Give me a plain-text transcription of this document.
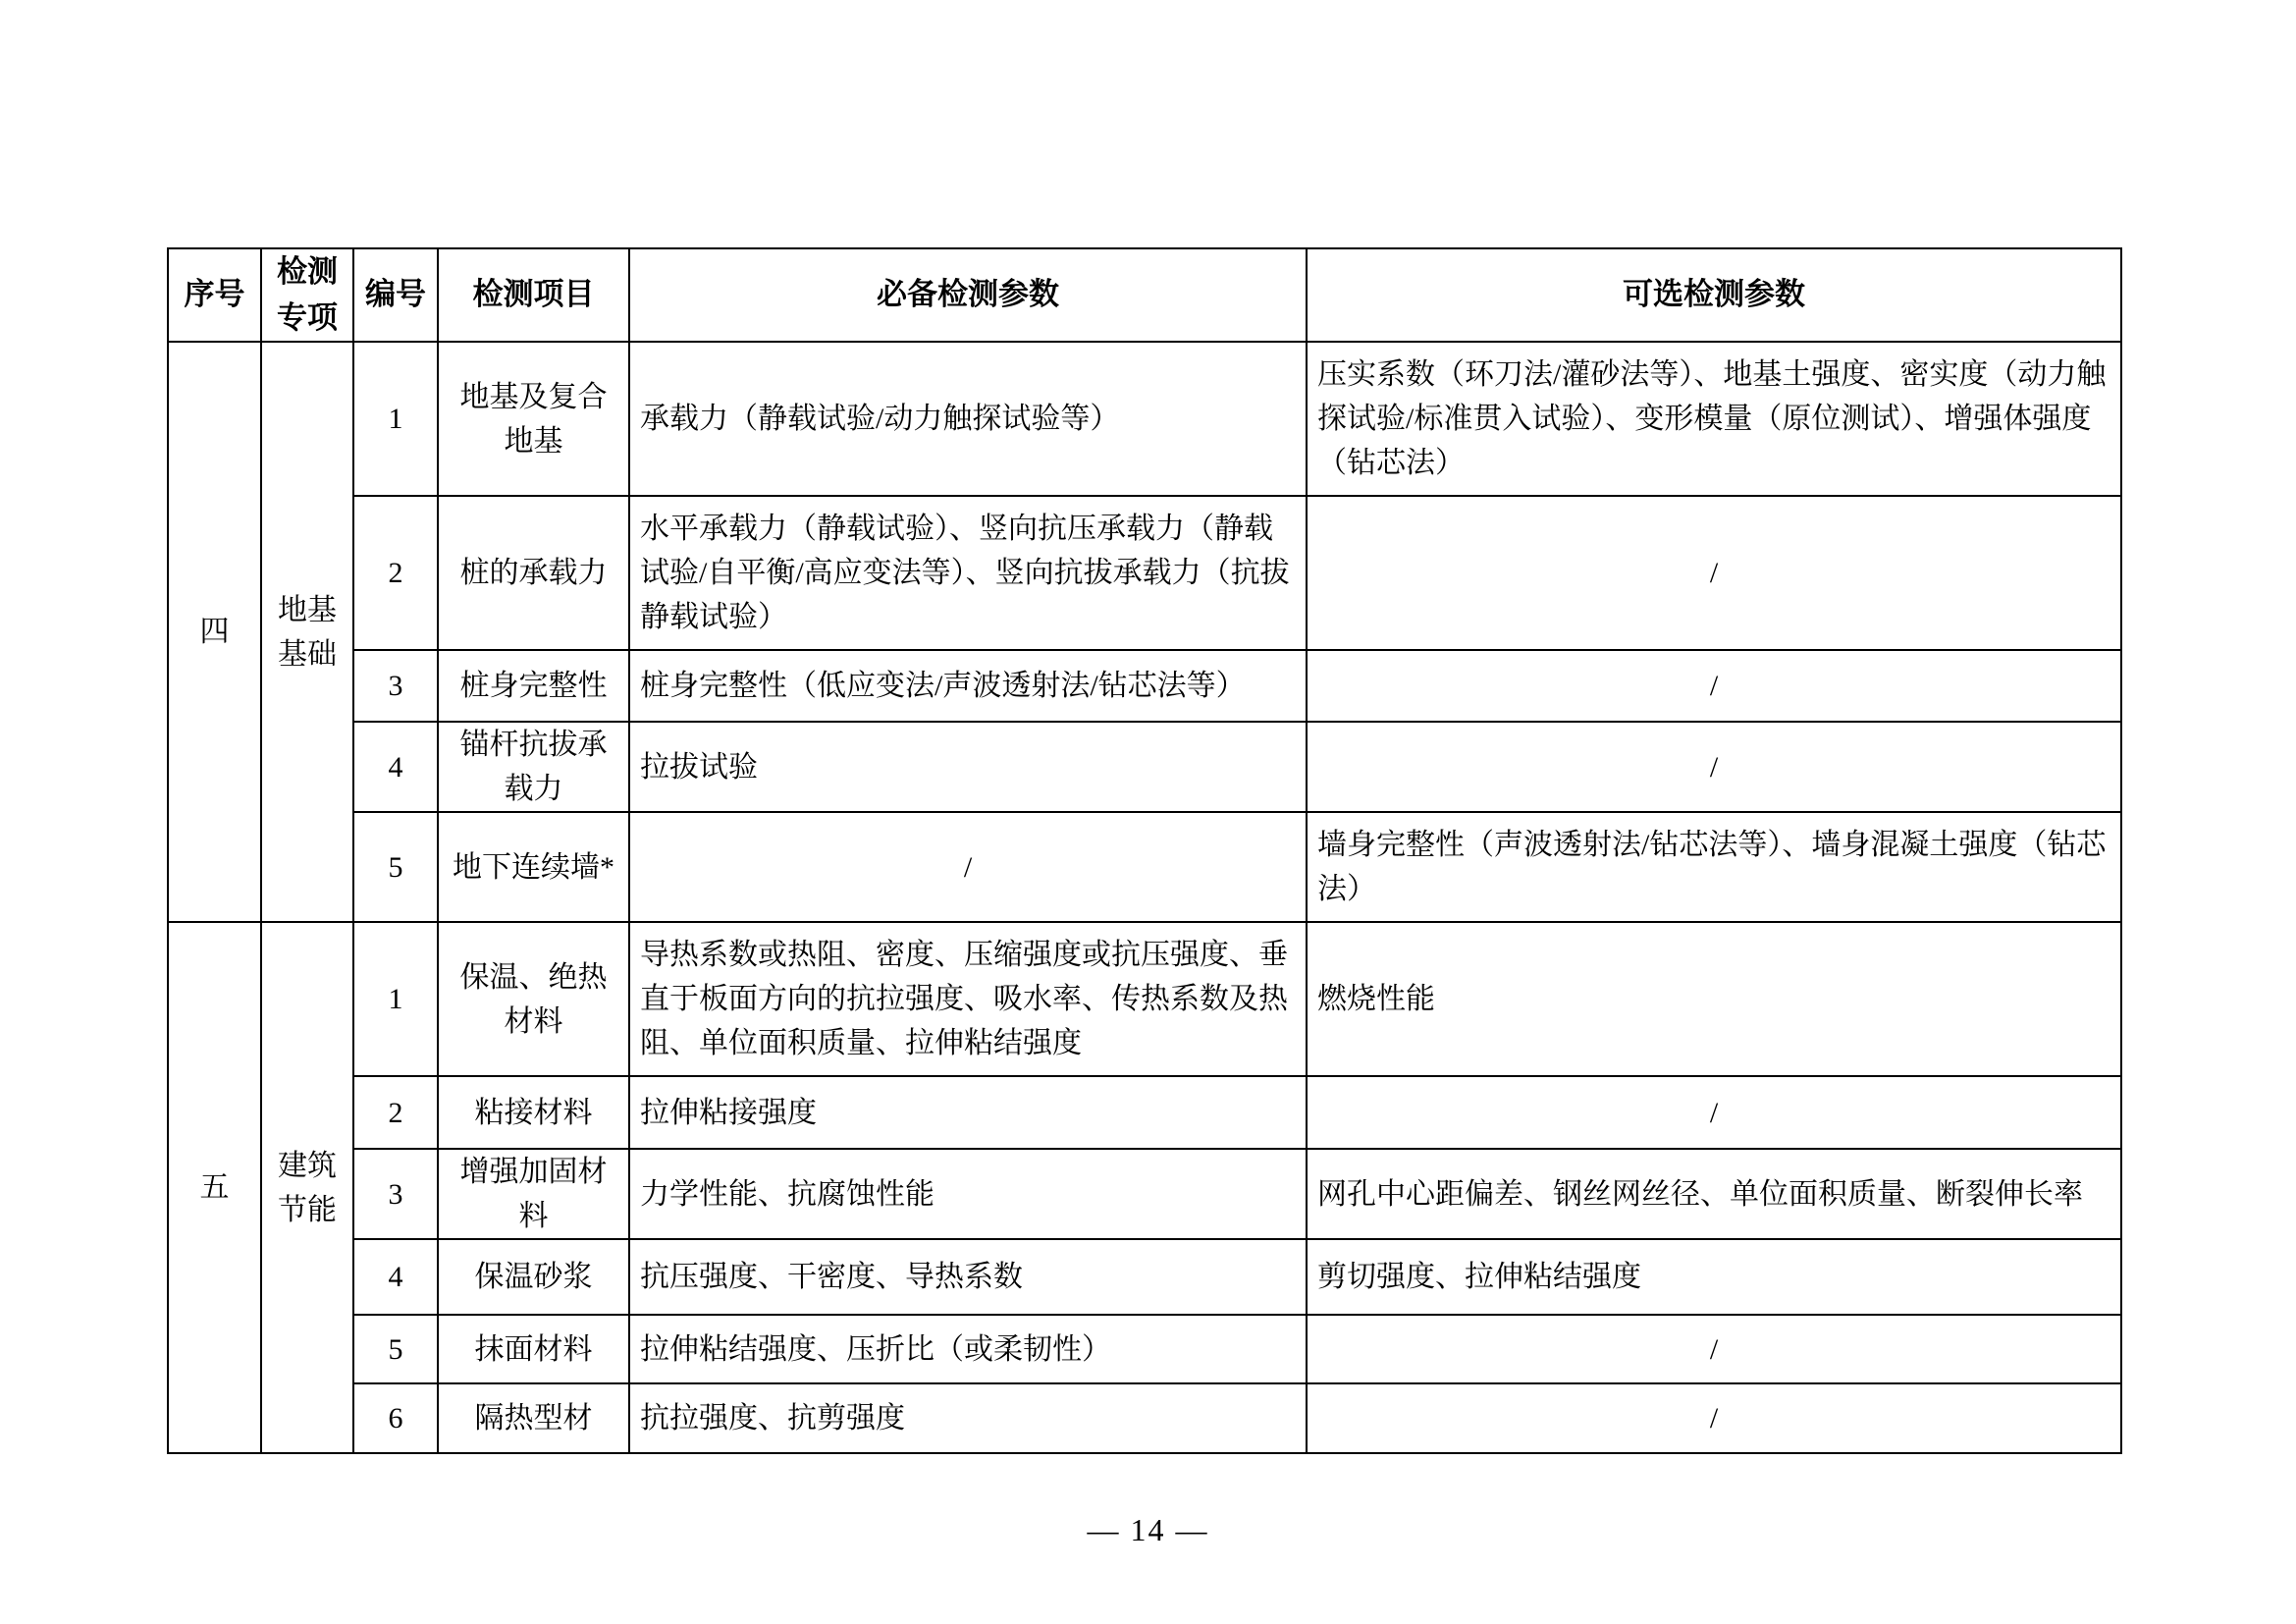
序号	检测专项	编号	检测项目	必备检测参数	可选检测参数
四	地基基础	1	地基及复合地基	承载力（静载试验/动力触探试验等）	压实系数（环刀法/灌砂法等）、地基土强度、密实度（动力触探试验/标准贯入试验）、变形模量（原位测试）、增强体强度（钻芯法）
		2	桩的承载力	水平承载力（静载试验）、竖向抗压承载力（静载试验/自平衡/高应变法等）、竖向抗拔承载力（抗拔静载试验）	/
		3	桩身完整性	桩身完整性（低应变法/声波透射法/钻芯法等）	/
		4	锚杆抗拔承载力	拉拔试验	/
		5	地下连续墙*	/	墙身完整性（声波透射法/钻芯法等）、墙身混凝土强度（钻芯法）
五	建筑节能	1	保温、绝热材料	导热系数或热阻、密度、压缩强度或抗压强度、垂直于板面方向的抗拉强度、吸水率、传热系数及热阻、单位面积质量、拉伸粘结强度	燃烧性能
		2	粘接材料	拉伸粘接强度	/
		3	增强加固材料	力学性能、抗腐蚀性能	网孔中心距偏差、钢丝网丝径、单位面积质量、断裂伸长率
		4	保温砂浆	抗压强度、干密度、导热系数	剪切强度、拉伸粘结强度
		5	抹面材料	拉伸粘结强度、压折比（或柔韧性）	/
		6	隔热型材	抗拉强度、抗剪强度	/
— 14 —
